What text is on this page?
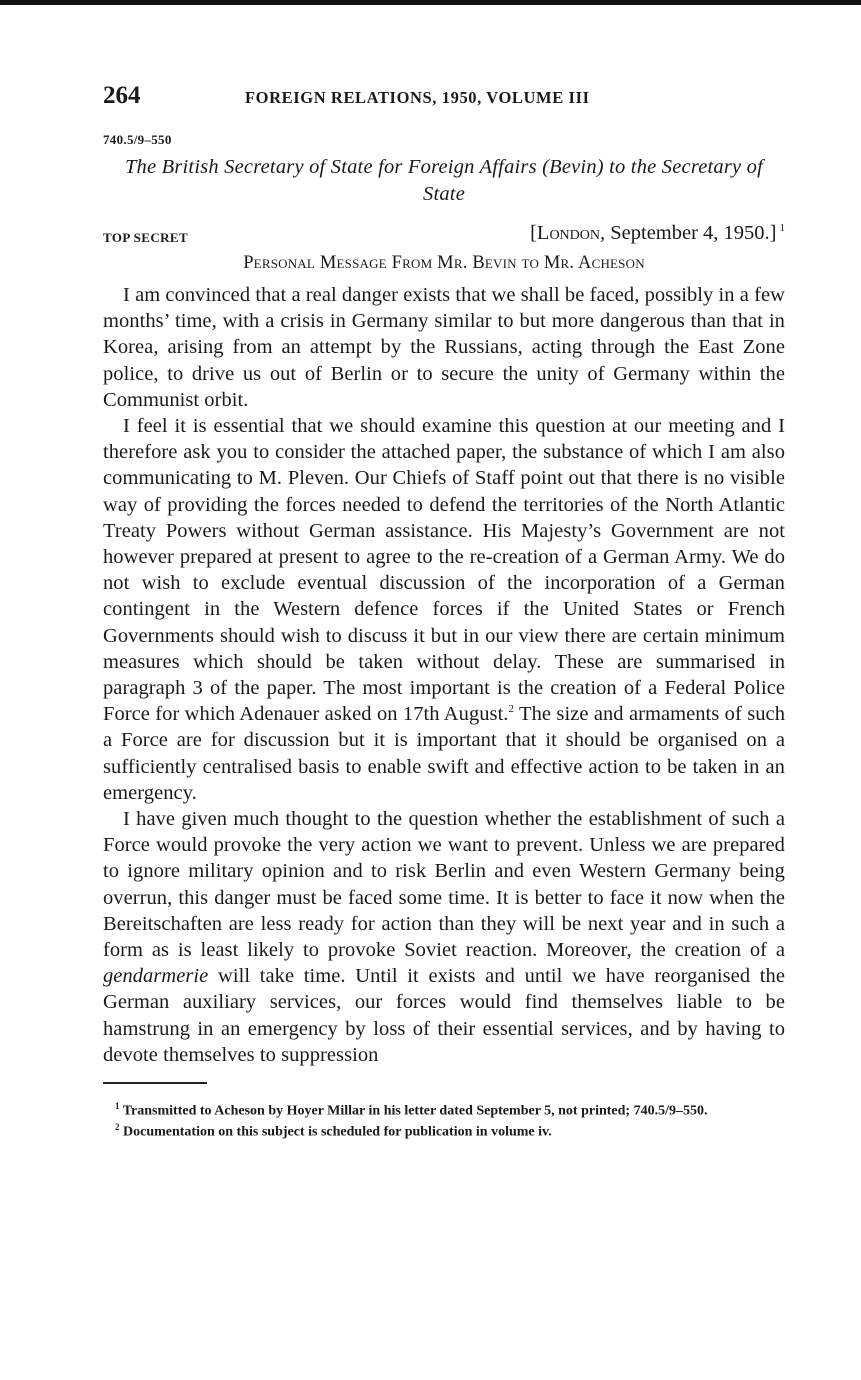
264	FOREIGN RELATIONS, 1950, VOLUME III
740.5/9–550
The British Secretary of State for Foreign Affairs (Bevin) to the Secretary of State
TOP SECRET	[London, September 4, 1950.] $^1$
Personal Message From Mr. Bevin to Mr. Acheson

I am convinced that a real danger exists that we shall be faced, possibly in a few months’ time, with a crisis in Germany similar to but more dangerous than that in Korea, arising from an attempt by the Russians, acting through the East Zone police, to drive us out of Berlin or to secure the unity of Germany within the Communist orbit.

I feel it is essential that we should examine this question at our meeting and I therefore ask you to consider the attached paper, the substance of which I am also communicating to M. Pleven. Our Chiefs of Staff point out that there is no visible way of providing the forces needed to defend the territories of the North Atlantic Treaty Powers without German assistance. His Majesty’s Government are not however prepared at present to agree to the re-creation of a German Army. We do not wish to exclude eventual discussion of the incorporation of a German contingent in the Western defence forces if the United States or French Governments should wish to discuss it but in our view there are certain minimum measures which should be taken without delay. These are summarised in paragraph 3 of the paper. The most important is the creation of a Federal Police Force for which Adenauer asked on 17th August.$^2$ The size and armaments of such a Force are for discussion but it is important that it should be organised on a sufficiently centralised basis to enable swift and effective action to be taken in an emergency.

I have given much thought to the question whether the establishment of such a Force would provoke the very action we want to prevent. Unless we are prepared to ignore military opinion and to risk Berlin and even Western Germany being overrun, this danger must be faced some time. It is better to face it now when the Bereitschaften are less ready for action than they will be next year and in such a form as is least likely to provoke Soviet reaction. Moreover, the creation of a gendarmerie will take time. Until it exists and until we have reorganised the German auxiliary services, our forces would find themselves liable to be hamstrung in an emergency by loss of their essential services, and by having to devote themselves to suppression

$^1$ Transmitted to Acheson by Hoyer Millar in his letter dated September 5, not printed; 740.5/9–550.
$^2$ Documentation on this subject is scheduled for publication in volume iv.
